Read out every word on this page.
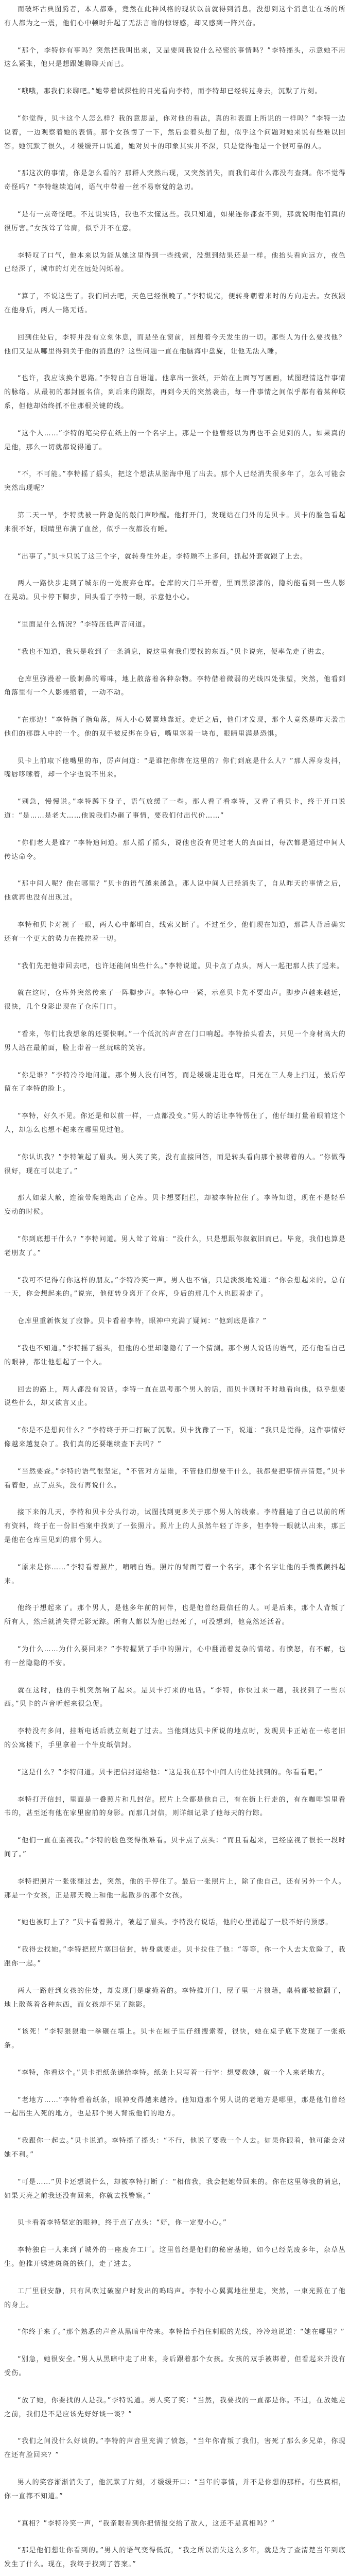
而破坏古典图腾者，本人都难，竟然在此种风格的现状以前就得到消息。没想到这个消息让在场的所有人都为之一震，他们心中顿时升起了无法言喻的惊讶感，却又感到一阵兴奋。

“那个，李特你有事吗？突然把我叫出来，又是要同我说什么秘密的事情吗？”李特摇头，示意她不用这么紧张，他只是想跟她聊聊天而已。

“哦哦，那我们来聊吧。”她带着试探性的目光看向李特，而李特却已经转过身去，沉默了片刻。

“你觉得，贝卡这个人怎么样？我的意思是，你对他的看法，真的和表面上所说的一样吗？”李特一边说着，一边观察着她的表情。那个女孩愣了一下，然后歪着头想了想，似乎这个问题对她来说有些难以回答。她沉默了很久，才缓缓开口说道，她对贝卡的印象其实并不深，只是觉得他是一个很可靠的人。

“那这次的事情，你是怎么看的？那群人突然出现，又突然消失，而我们却什么都没有查到。你不觉得奇怪吗？”李特继续追问，语气中带着一丝不易察觉的急切。

“是有一点奇怪吧。不过说实话，我也不太懂这些。我只知道，如果连你都查不到，那就说明他们真的很厉害。”女孩耸了耸肩，似乎并不在意。

李特叹了口气，他本来以为能从她这里得到一些线索，没想到结果还是一样。他抬头看向远方，夜色已经深了，城市的灯光在远处闪烁着。

“算了，不说这些了。我们回去吧，天色已经很晚了。”李特说完，便转身朝着来时的方向走去。女孩跟在他身后，两人一路无话。

回到住处后，李特并没有立刻休息，而是坐在窗前，回想着今天发生的一切。那些人为什么要找他？他们又是从哪里得到关于他的消息的？这些问题一直在他脑海中盘旋，让他无法入睡。

“也许，我应该换个思路。”李特自言自语道。他拿出一张纸，开始在上面写写画画，试图理清这件事情的脉络。从最初的那封匿名信，到后来的跟踪，再到今天的突然袭击，每一件事情之间似乎都有着某种联系，但他却始终抓不住那根关键的线。

“这个人……”李特的笔尖停在纸上的一个名字上。那是一个他曾经以为再也不会见到的人。如果真的是他，那么一切就都说得通了。

“不，不可能。”李特摇了摇头，把这个想法从脑海中甩了出去。那个人已经消失很多年了，怎么可能会突然出现呢？

第二天一早，李特就被一阵急促的敲门声吵醒。他打开门，发现站在门外的是贝卡。贝卡的脸色看起来很不好，眼睛里布满了血丝，似乎一夜都没有睡。

“出事了。”贝卡只说了这三个字，就转身往外走。李特顾不上多问，抓起外套就跟了上去。

两人一路快步走到了城东的一处废弃仓库。仓库的大门半开着，里面黑漆漆的，隐约能看到一些人影在晃动。贝卡停下脚步，回头看了李特一眼，示意他小心。

“里面是什么情况？”李特压低声音问道。

“我也不知道，我只是收到了一条消息，说这里有我们要找的东西。”贝卡说完，便率先走了进去。

仓库里弥漫着一股刺鼻的霉味，地上散落着各种杂物。李特借着微弱的光线四处张望，突然，他看到角落里有一个人影蜷缩着，一动不动。

“在那边！”李特指了指角落，两人小心翼翼地靠近。走近之后，他们才发现，那个人竟然是昨天袭击他们的那群人中的一个。他的双手被反绑在身后，嘴里塞着一块布，眼睛里满是恐惧。

贝卡上前取下他嘴里的布，厉声问道：“是谁把你绑在这里的？你们到底是什么人？”那人浑身发抖，嘴唇哆嗦着，却一个字也说不出来。

“别急，慢慢说。”李特蹲下身子，语气放缓了一些。那人看了看李特，又看了看贝卡，终于开口说道：“是……是老大……他说我们办砸了事情，要我们付出代价……”

“你们老大是谁？”李特追问道。那人摇了摇头，说他也没有见过老大的真面目，每次都是通过中间人传达命令。

“那中间人呢？他在哪里？”贝卡的语气越来越急。那人说中间人已经消失了，自从昨天的事情之后，他就再也没有出现过。

李特和贝卡对视了一眼，两人心中都明白，线索又断了。不过至少，他们现在知道，那群人背后确实还有一个更大的势力在操控着一切。

“我们先把他带回去吧，也许还能问出些什么。”李特说道。贝卡点了点头，两人一起把那人扶了起来。

就在这时，仓库外突然传来了一阵脚步声。李特心中一紧，示意贝卡先不要出声。脚步声越来越近，很快，几个身影出现在了仓库门口。

“看来，你们比我想象的还要快啊。”一个低沉的声音在门口响起。李特抬头看去，只见一个身材高大的男人站在最前面，脸上带着一丝玩味的笑容。

“你是谁？”李特冷冷地问道。那个男人没有回答，而是缓缓走进仓库，目光在三人身上扫过，最后停留在了李特的脸上。

“李特，好久不见。你还是和以前一样，一点都没变。”男人的话让李特愣住了，他仔细打量着眼前这个人，却怎么也想不起来在哪里见过他。

“你认识我？”李特皱起了眉头。男人笑了笑，没有直接回答，而是转头看向那个被绑着的人。“你做得很好，现在可以走了。”

那人如蒙大赦，连滚带爬地跑出了仓库。贝卡想要阻拦，却被李特拉住了。李特知道，现在不是轻举妄动的时候。

“你到底想干什么？”李特问道。男人耸了耸肩：“没什么，只是想跟你叙叙旧而已。毕竟，我们也算是老朋友了。”

“我可不记得有你这样的朋友。”李特冷笑一声。男人也不恼，只是淡淡地说道：“你会想起来的。总有一天，你会想起来的。”说完，他便转身离开了仓库，身后的那几个人也跟着走了。

仓库里重新恢复了寂静。贝卡看着李特，眼神中充满了疑问：“他到底是谁？”

“我也不知道。”李特摇了摇头，但他的心里却隐隐有了一个猜测。那个男人说话的语气，还有他看自己的眼神，都让他想起了一个人。

回去的路上，两人都没有说话。李特一直在思考那个男人的话，而贝卡则时不时地看向他，似乎想要说些什么，却又欲言又止。

“你是不是想问什么？”李特终于开口打破了沉默。贝卡犹豫了一下，说道：“我只是觉得，这件事情好像越来越复杂了。我们真的还要继续查下去吗？”

“当然要查。”李特的语气很坚定，“不管对方是谁，不管他们想要干什么，我都要把事情弄清楚。”贝卡看着他，点了点头，没有再说什么。

接下来的几天，李特和贝卡分头行动，试图找到更多关于那个男人的线索。李特翻遍了自己以前的所有资料，终于在一份旧档案中找到了一张照片。照片上的人虽然年轻了许多，但李特一眼就认出来，那正是他在仓库里见到的那个男人。

“原来是你……”李特看着照片，喃喃自语。照片的背面写着一个名字，那个名字让他的手微微颤抖起来。

他终于想起来了。那个男人，是他多年前的同伴，也是他曾经最信任的人。可是后来，那个人背叛了所有人，然后就消失得无影无踪。所有人都以为他已经死了，可没想到，他竟然还活着。

“为什么……为什么要回来？”李特握紧了手中的照片，心中翻涌着复杂的情绪。有愤怒，有不解，也有一丝隐隐的不安。

就在这时，他的手机突然响了起来。是贝卡打来的电话。“李特，你快过来一趟，我找到了一些东西。”贝卡的声音听起来很急促。

李特没有多问，挂断电话后就立刻赶了过去。当他到达贝卡所说的地点时，发现贝卡正站在一栋老旧的公寓楼下，手里拿着一个牛皮纸信封。

“这是什么？”李特问道。贝卡把信封递给他：“这是我在那个中间人的住处找到的。你看看吧。”

李特打开信封，里面是一叠照片和几封信。照片上全都是他自己，有在街上行走的，有在咖啡馆里看书的，甚至还有他在家里窗前的身影。而那几封信，则详细记录了他每天的行踪。

“他们一直在监视我。”李特的脸色变得很难看。贝卡点了点头：“而且看起来，已经监视了很长一段时间了。”

李特把照片一张张翻过去，突然，他的手停住了。最后一张照片上，除了他自己，还有另外一个人。那是一个女孩，正是那天晚上和他一起散步的那个女孩。

“她也被盯上了？”贝卡看着照片，皱起了眉头。李特没有说话，他的心里涌起了一股不好的预感。

“我得去找她。”李特把照片塞回信封，转身就要走。贝卡拉住了他：“等等，你一个人去太危险了，我跟你一起。”

两人一路赶到女孩的住处，却发现门是虚掩着的。李特推开门，屋子里一片狼藉，桌椅都被掀翻了，地上散落着各种东西，而女孩却不见了踪影。

“该死！”李特狠狠地一拳砸在墙上。贝卡在屋子里仔细搜索着，很快，她在桌子底下发现了一张纸条。

“李特，你看这个。”贝卡把纸条递给李特。纸条上只写着一行字：想要救她，就一个人来老地方。

“老地方……”李特看着纸条，眼神变得越来越冷。他知道那个男人说的老地方是哪里，那是他们曾经一起出生入死的地方，也是那个男人背叛他们的地方。

“我跟你一起去。”贝卡说道。李特摇了摇头：“不行，他说了要我一个人去。如果你跟着，他可能会对她不利。”

“可是……”贝卡还想说什么，却被李特打断了：“相信我，我会把她带回来的。你在这里等我的消息，如果天亮之前我还没有回来，你就去找警察。”

贝卡看着李特坚定的眼神，终于点了点头：“好，你一定要小心。”

李特独自一人来到了城外的一座废弃工厂。这里曾经是他们的秘密基地，如今已经荒废多年，杂草丛生。他推开锈迹斑斑的铁门，走了进去。

工厂里很安静，只有风吹过破窗户时发出的呜呜声。李特小心翼翼地往里走，突然，一束光照在了他的身上。

“你终于来了。”那个熟悉的声音从黑暗中传来。李特抬手挡住刺眼的光线，冷冷地说道：“她在哪里？”

“别急，她很安全。”男人从黑暗中走了出来，身后跟着那个女孩。女孩的双手被绑着，但看起来并没有受伤。

“放了她，你要找的人是我。”李特说道。男人笑了笑：“当然，我要找的一直都是你。不过，在放她走之前，我们是不是应该先好好谈一谈？”

“我们之间没什么好谈的。”李特的声音里充满了愤怒，“当年你背叛了我们，害死了那么多兄弟，你现在还有脸回来？”

男人的笑容渐渐消失了，他沉默了片刻，才缓缓开口：“当年的事情，并不是你想的那样。有些真相，你一直都不知道。”

“真相？”李特冷笑一声，“我亲眼看到你把情报交给了敌人，这还不是真相吗？”

“那是他们想让你看到的。”男人的语气变得低沉，“我之所以消失这么多年，就是为了查清楚当年到底发生了什么。现在，我终于找到了答案。”
